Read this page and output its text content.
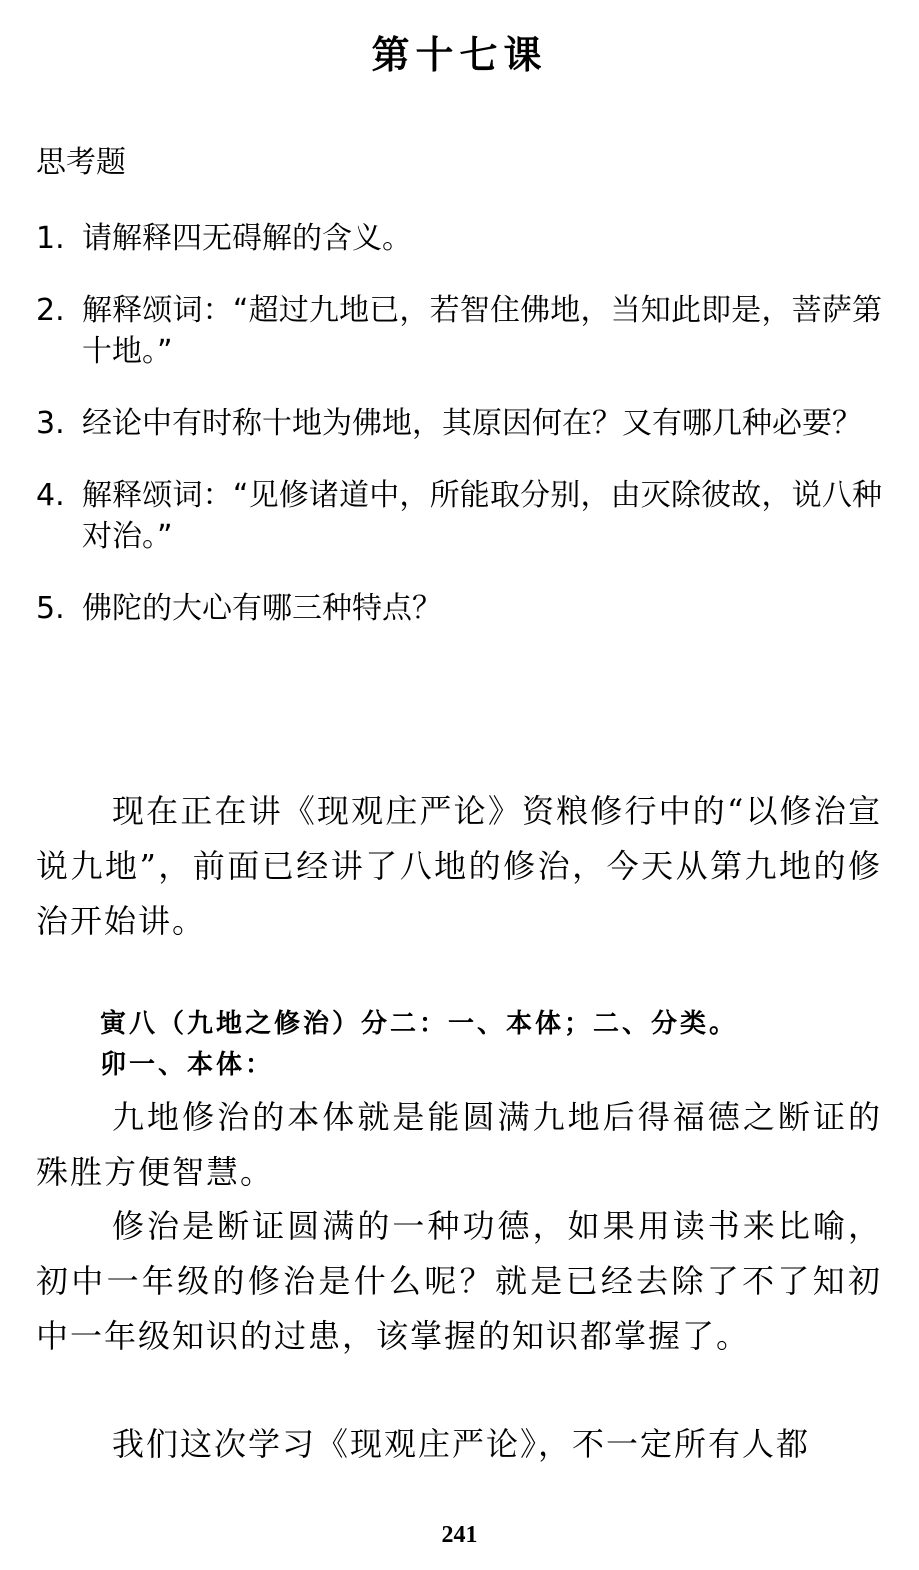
第十七课
思考题
1. 请解释四无碍解的含义。
2. 解释颂词：“超过九地已，若智住佛地，当知此即是，菩萨第十地。”
3. 经论中有时称十地为佛地，其原因何在？又有哪几种必要？
4. 解释颂词：“见修诸道中，所能取分别，由灭除彼故，说八种对治。”
5. 佛陀的大心有哪三种特点？

现在正在讲《现观庄严论》资粮修行中的“以修治宣说九地”，前面已经讲了八地的修治，今天从第九地的修治开始讲。

寅八（九地之修治）分二：一、本体；二、分类。

卯一、本体：

九地修治的本体就是能圆满九地后得福德之断证的殊胜方便智慧。

修治是断证圆满的一种功德，如果用读书来比喻，初中一年级的修治是什么呢？就是已经去除了不了知初中一年级知识的过患，该掌握的知识都掌握了。

我们这次学习《现观庄严论》，不一定所有人都

241
